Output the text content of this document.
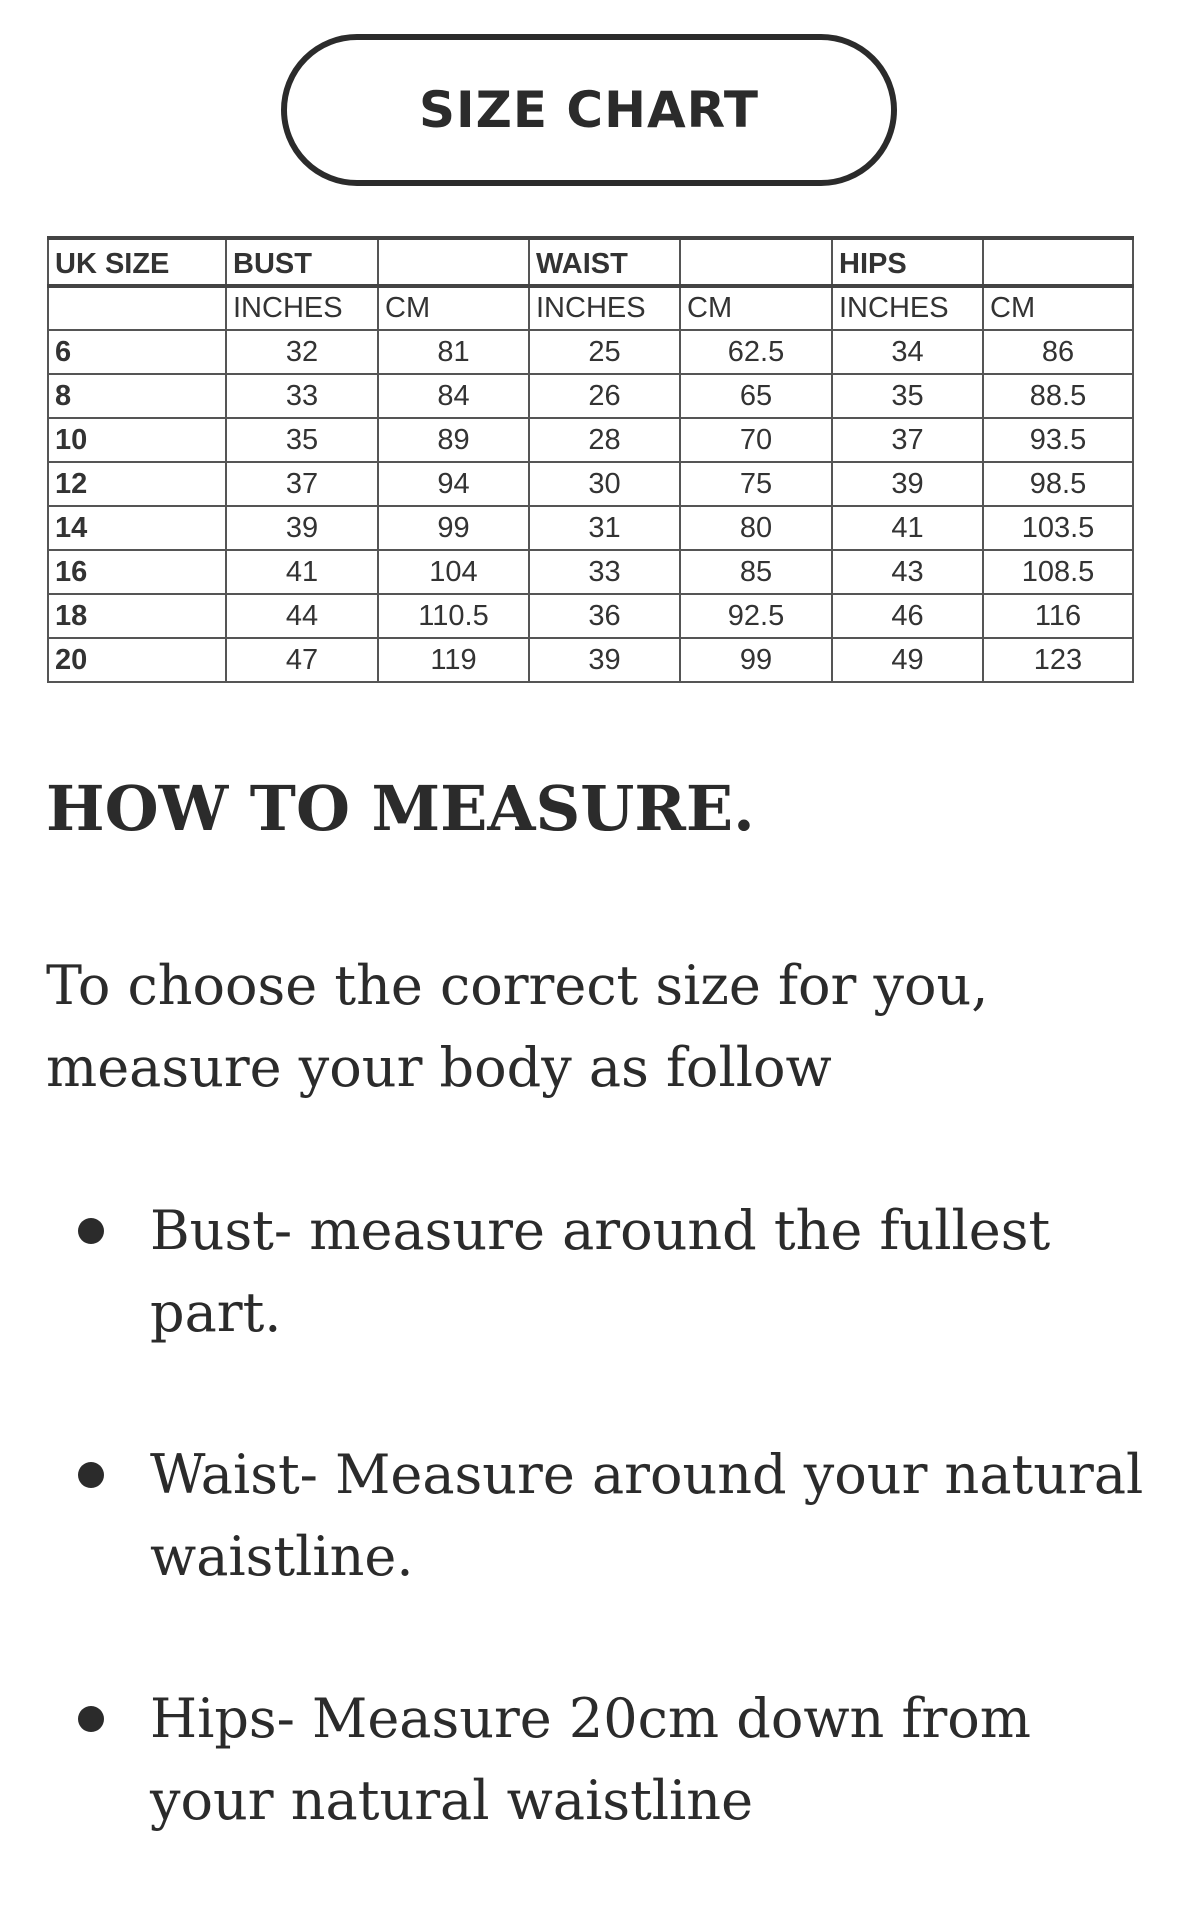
SIZE CHART
UK SIZE	BUST		WAIST		HIPS	
	INCHES	CM	INCHES	CM	INCHES	CM
6	32	81	25	62.5	34	86
8	33	84	26	65	35	88.5
10	35	89	28	70	37	93.5
12	37	94	30	75	39	98.5
14	39	99	31	80	41	103.5
16	41	104	33	85	43	108.5
18	44	110.5	36	92.5	46	116
20	47	119	39	99	49	123
HOW TO MEASURE.

To choose the correct size for you, measure your body as follow

Bust- measure around the fullest part.
Waist- Measure around your natural waistline.
Hips- Measure 20cm down from your natural waistline
